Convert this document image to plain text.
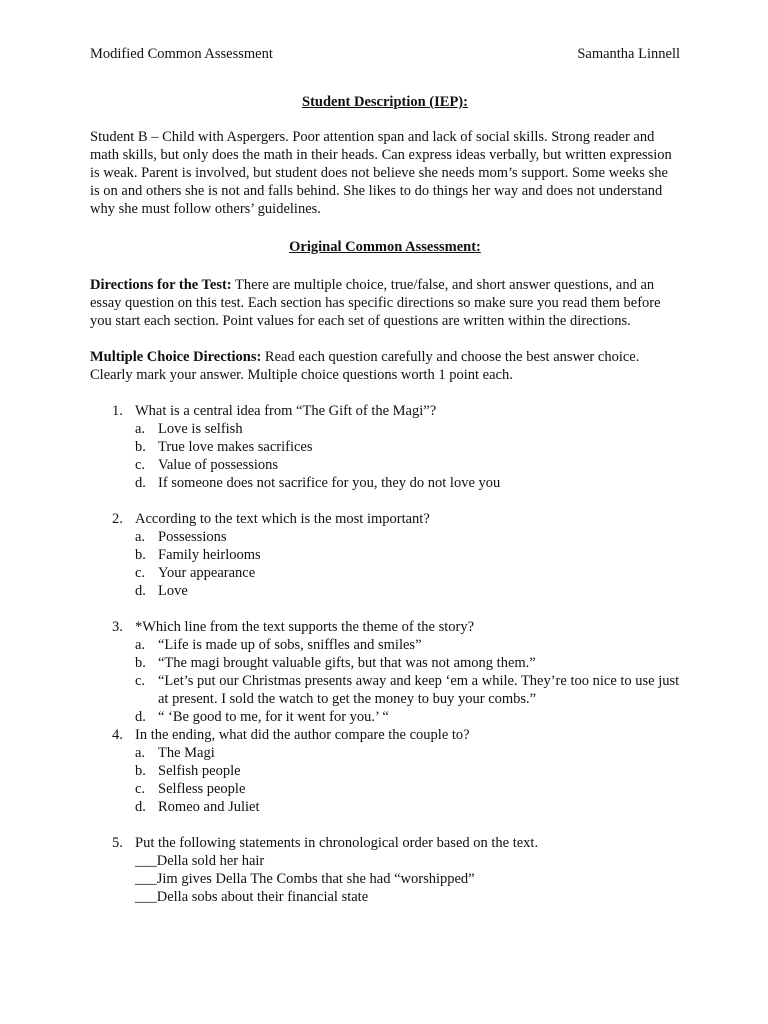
Modified Common Assessment	Samantha Linnell
Student Description (IEP):

Student B – Child with Aspergers. Poor attention span and lack of social skills. Strong reader and math skills, but only does the math in their heads. Can express ideas verbally, but written expression is weak. Parent is involved, but student does not believe she needs mom’s support. Some weeks she is on and others she is not and falls behind. She likes to do things her way and does not understand why she must follow others’ guidelines.

Original Common Assessment:

Directions for the Test: There are multiple choice, true/false, and short answer questions, and an essay question on this test. Each section has specific directions so make sure you read them before you start each section. Point values for each set of questions are written within the directions.

Multiple Choice Directions: Read each question carefully and choose the best answer choice. Clearly mark your answer. Multiple choice questions worth 1 point each.

1. What is a central idea from “The Gift of the Magi”?
a. Love is selfish
b. True love makes sacrifices
c. Value of possessions
d. If someone does not sacrifice for you, they do not love you
2. According to the text which is the most important?
a. Possessions
b. Family heirlooms
c. Your appearance
d. Love
3. *Which line from the text supports the theme of the story?
a. “Life is made up of sobs, sniffles and smiles”
b. “The magi brought valuable gifts, but that was not among them.”
c. “Let’s put our Christmas presents away and keep ‘em a while. They’re too nice to use just at present. I sold the watch to get the money to buy your combs.”
d. “ ‘Be good to me, for it went for you.’ “
4. In the ending, what did the author compare the couple to?
a. The Magi
b. Selfish people
c. Selfless people
d. Romeo and Juliet
5. Put the following statements in chronological order based on the text.
___Della sold her hair
___Jim gives Della The Combs that she had “worshipped”
___Della sobs about their financial state
